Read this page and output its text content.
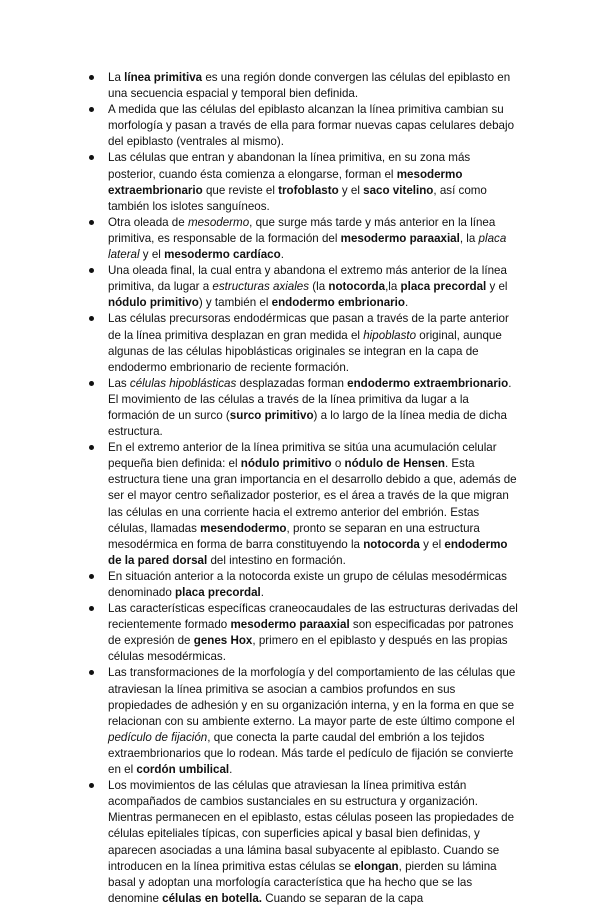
La línea primitiva es una región donde convergen las células del epiblasto en una secuencia espacial y temporal bien definida.
A medida que las células del epiblasto alcanzan la línea primitiva cambian su morfología y pasan a través de ella para formar nuevas capas celulares debajo del epiblasto (ventrales al mismo).
Las células que entran y abandonan la línea primitiva, en su zona más posterior, cuando ésta comienza a elongarse, forman el mesodermo extraembrionario que reviste el trofoblasto y el saco vitelino, así como también los islotes sanguíneos.
Otra oleada de mesodermo, que surge más tarde y más anterior en la línea primitiva, es responsable de la formación del mesodermo paraaxial, la placa lateral y el mesodermo cardíaco.
Una oleada final, la cual entra y abandona el extremo más anterior de la línea primitiva, da lugar a estructuras axiales (la notocorda,la placa precordal y el nódulo primitivo) y también el endodermo embrionario.
Las células precursoras endodérmicas que pasan a través de la parte anterior de la línea primitiva desplazan en gran medida el hipoblasto original, aunque algunas de las células hipoblásticas originales se integran en la capa de endodermo embrionario de reciente formación.
Las células hipoblásticas desplazadas forman endodermo extraembrionario. El movimiento de las células a través de la línea primitiva da lugar a la formación de un surco (surco primitivo) a lo largo de la línea media de dicha estructura.
En el extremo anterior de la línea primitiva se sitúa una acumulación celular pequeña bien definida: el nódulo primitivo o nódulo de Hensen. Esta estructura tiene una gran importancia en el desarrollo debido a que, además de ser el mayor centro señalizador posterior, es el área a través de la que migran las células en una corriente hacia el extremo anterior del embrión. Estas células, llamadas mesendodermo, pronto se separan en una estructura mesodérmica en forma de barra constituyendo la notocorda y el endodermo de la pared dorsal del intestino en formación.
En situación anterior a la notocorda existe un grupo de células mesodérmicas denominado placa precordal.
Las características específicas craneocaudales de las estructuras derivadas del recientemente formado mesodermo paraaxial son especificadas por patrones de expresión de genes Hox, primero en el epiblasto y después en las propias células mesodérmicas.
Las transformaciones de la morfología y del comportamiento de las células que atraviesan la línea primitiva se asocian a cambios profundos en sus propiedades de adhesión y en su organización interna, y en la forma en que se relacionan con su ambiente externo. La mayor parte de este último compone el pedículo de fijación, que conecta la parte caudal del embrión a los tejidos extraembrionarios que lo rodean. Más tarde el pedículo de fijación se convierte en el cordón umbilical.
Los movimientos de las células que atraviesan la línea primitiva están acompañados de cambios sustanciales en su estructura y organización. Mientras permanecen en el epiblasto, estas células poseen las propiedades de células epiteliales típicas, con superficies apical y basal bien definidas, y aparecen asociadas a una lámina basal subyacente al epiblasto. Cuando se introducen en la línea primitiva estas células se elongan, pierden su lámina basal y adoptan una morfología característica que ha hecho que se las denomine células en botella. Cuando se separan de la capa
